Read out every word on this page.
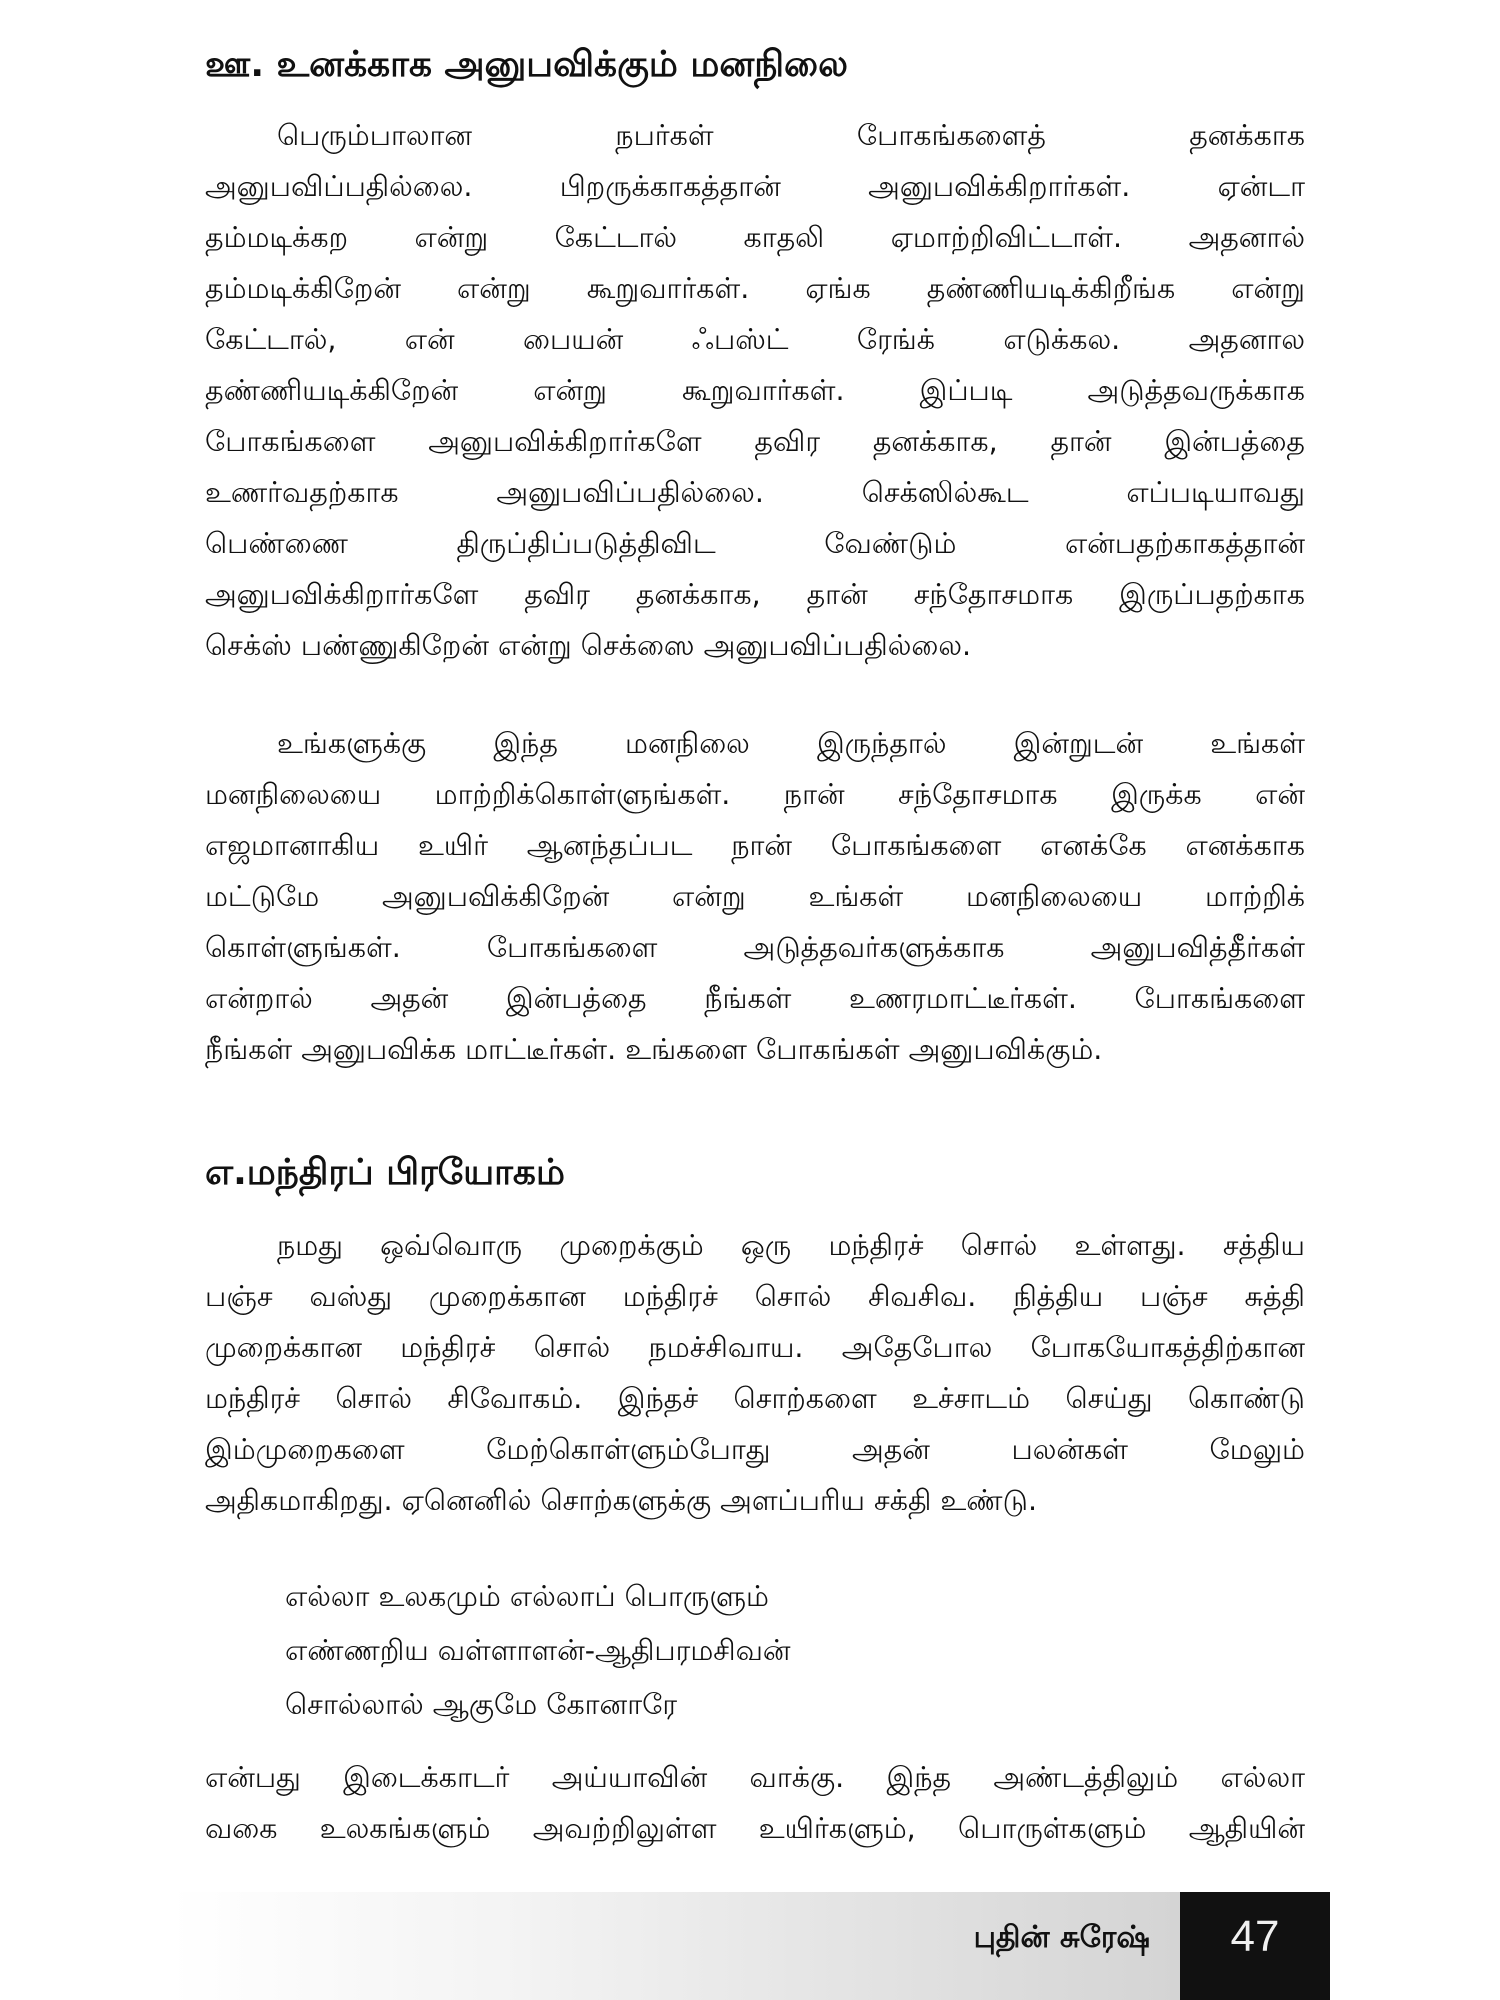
ஊ. உனக்காக அனுபவிக்கும் மனநிலை
பெரும்பாலான நபர்கள் போகங்களைத் தனக்காக
அனுபவிப்பதில்லை. பிறருக்காகத்தான் அனுபவிக்கிறார்கள். ஏன்டா
தம்மடிக்கற என்று கேட்டால் காதலி ஏமாற்றிவிட்டாள். அதனால்
தம்மடிக்கிறேன் என்று கூறுவார்கள். ஏங்க தண்ணியடிக்கிறீங்க என்று
கேட்டால், என் பையன் ஃபஸ்ட் ரேங்க் எடுக்கல. அதனால
தண்ணியடிக்கிறேன் என்று கூறுவார்கள். இப்படி அடுத்தவருக்காக
போகங்களை அனுபவிக்கிறார்களே தவிர தனக்காக, தான் இன்பத்தை
உணர்வதற்காக அனுபவிப்பதில்லை. செக்ஸில்கூட எப்படியாவது
பெண்ணை திருப்திப்படுத்திவிட வேண்டும் என்பதற்காகத்தான்
அனுபவிக்கிறார்களே தவிர தனக்காக, தான் சந்தோசமாக இருப்பதற்காக
செக்ஸ் பண்ணுகிறேன் என்று செக்ஸை அனுபவிப்பதில்லை.
உங்களுக்கு இந்த மனநிலை இருந்தால் இன்றுடன் உங்கள்
மனநிலையை மாற்றிக்கொள்ளுங்கள். நான் சந்தோசமாக இருக்க என்
எஜமானாகிய உயிர் ஆனந்தப்பட நான் போகங்களை எனக்கே எனக்காக
மட்டுமே அனுபவிக்கிறேன் என்று உங்கள் மனநிலையை மாற்றிக்
கொள்ளுங்கள். போகங்களை அடுத்தவர்களுக்காக அனுபவித்தீர்கள்
என்றால் அதன் இன்பத்தை நீங்கள் உணரமாட்டீர்கள். போகங்களை
நீங்கள் அனுபவிக்க மாட்டீர்கள். உங்களை போகங்கள் அனுபவிக்கும்.
எ.மந்திரப் பிரயோகம்
நமது ஒவ்வொரு முறைக்கும் ஒரு மந்திரச் சொல் உள்ளது. சத்திய
பஞ்ச வஸ்து முறைக்கான மந்திரச் சொல் சிவசிவ. நித்திய பஞ்ச சுத்தி
முறைக்கான மந்திரச் சொல் நமச்சிவாய. அதேபோல போகயோகத்திற்கான
மந்திரச் சொல் சிவோகம். இந்தச் சொற்களை உச்சாடம் செய்து கொண்டு
இம்முறைகளை மேற்கொள்ளும்போது அதன் பலன்கள் மேலும்
அதிகமாகிறது. ஏனெனில் சொற்களுக்கு அளப்பரிய சக்தி உண்டு.
எல்லா உலகமும் எல்லாப் பொருளும்
எண்ணறிய வள்ளாளன்-ஆதிபரமசிவன்
சொல்லால் ஆகுமே கோனாரே
என்பது இடைக்காடர் அய்யாவின் வாக்கு. இந்த அண்டத்திலும் எல்லா
வகை உலகங்களும் அவற்றிலுள்ள உயிர்களும், பொருள்களும் ஆதியின்
புதின் சுரேஷ்	47
